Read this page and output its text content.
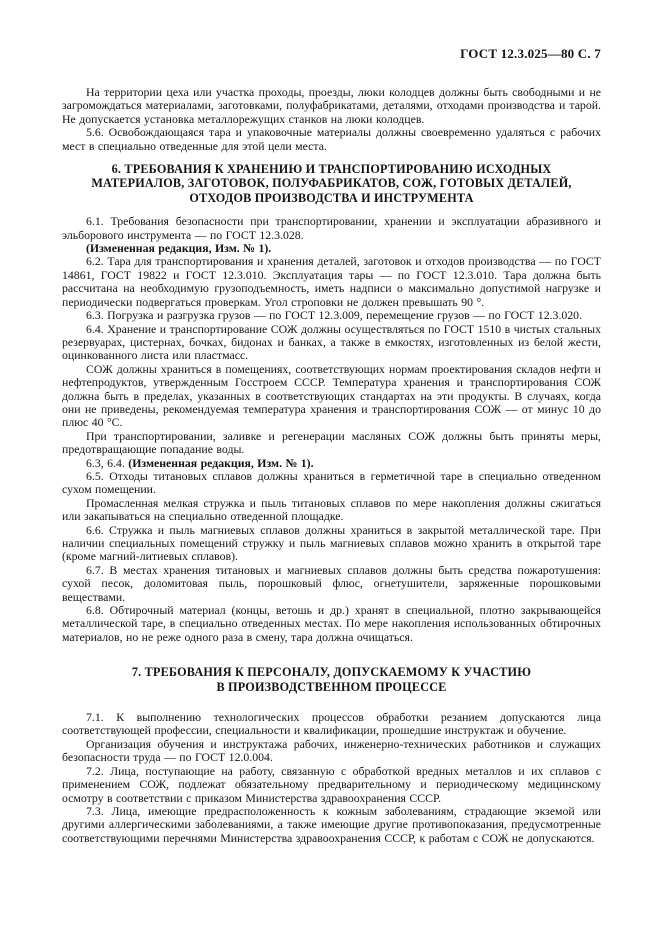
ГОСТ 12.3.025—80 С. 7

На территории цеха или участка проходы, проезды, люки колодцев должны быть свободными и не загромождаться материалами, заготовками, полуфабрикатами, деталями, отходами производства и тарой. Не допускается установка металлорежущих станков на люки колодцев.

5.6. Освобождающаяся тара и упаковочные материалы должны своевременно удаляться с рабочих мест в специально отведенные для этой цели места.

6. ТРЕБОВАНИЯ К ХРАНЕНИЮ И ТРАНСПОРТИРОВАНИЮ ИСХОДНЫХ
МАТЕРИАЛОВ, ЗАГОТОВОК, ПОЛУФАБРИКАТОВ, СОЖ, ГОТОВЫХ ДЕТАЛЕЙ,
ОТХОДОВ ПРОИЗВОДСТВА И ИНСТРУМЕНТА

6.1. Требования безопасности при транспортировании, хранении и эксплуатации абразивного и эльборового инструмента — по ГОСТ 12.3.028.

(Измененная редакция, Изм. № 1).

6.2. Тара для транспортирования и хранения деталей, заготовок и отходов производства — по ГОСТ 14861, ГОСТ 19822 и ГОСТ 12.3.010. Эксплуатация тары — по ГОСТ 12.3.010. Тара должна быть рассчитана на необходимую грузоподъемность, иметь надписи о максимально допустимой нагрузке и периодически подвергаться проверкам. Угол строповки не должен превышать 90 °.

6.3. Погрузка и разгрузка грузов — по ГОСТ 12.3.009, перемещение грузов — по ГОСТ 12.3.020.

6.4. Хранение и транспортирование СОЖ должны осуществляться по ГОСТ 1510 в чистых стальных резервуарах, цистернах, бочках, бидонах и банках, а также в емкостях, изготовленных из белой жести, оцинкованного листа или пластмасс.

СОЖ должны храниться в помещениях, соответствующих нормам проектирования складов нефти и нефтепродуктов, утвержденным Госстроем СССР. Температура хранения и транспортирования СОЖ должна быть в пределах, указанных в соответствующих стандартах на эти продукты. В случаях, когда они не приведены, рекомендуемая температура хранения и транспортирования СОЖ — от минус 10 до плюс 40 °С.

При транспортировании, заливке и регенерации масляных СОЖ должны быть приняты меры, предотвращающие попадание воды.

6.3, 6.4. (Измененная редакция, Изм. № 1).

6.5. Отходы титановых сплавов должны храниться в герметичной таре в специально отведенном сухом помещении.

Промасленная мелкая стружка и пыль титановых сплавов по мере накопления должны сжигаться или закапываться на специально отведенной площадке.

6.6. Стружка и пыль магниевых сплавов должны храниться в закрытой металлической таре. При наличии специальных помещений стружку и пыль магниевых сплавов можно хранить в открытой таре (кроме магний-литиевых сплавов).

6.7. В местах хранения титановых и магниевых сплавов должны быть средства пожаротушения: сухой песок, доломитовая пыль, порошковый флюс, огнетушители, заряженные порошковыми веществами.

6.8. Обтирочный материал (концы, ветошь и др.) хранят в специальной, плотно закрывающейся металлической таре, в специально отведенных местах. По мере накопления использованных обтирочных материалов, но не реже одного раза в смену, тара должна очищаться.

7. ТРЕБОВАНИЯ К ПЕРСОНАЛУ, ДОПУСКАЕМОМУ К УЧАСТИЮ
В ПРОИЗВОДСТВЕННОМ ПРОЦЕССЕ

7.1. К выполнению технологических процессов обработки резанием допускаются лица соответствующей профессии, специальности и квалификации, прошедшие инструктаж и обучение.

Организация обучения и инструктажа рабочих, инженерно-технических работников и служащих безопасности труда — по ГОСТ 12.0.004.

7.2. Лица, поступающие на работу, связанную с обработкой вредных металлов и их сплавов с применением СОЖ, подлежат обязательному предварительному и периодическому медицинскому осмотру в соответствии с приказом Министерства здравоохранения СССР.

7.3. Лица, имеющие предрасположенность к кожным заболеваниям, страдающие экземой или другими аллергическими заболеваниями, а также имеющие другие противопоказания, предусмотренные соответствующими перечнями Министерства здравоохранения СССР, к работам с СОЖ не допускаются.
